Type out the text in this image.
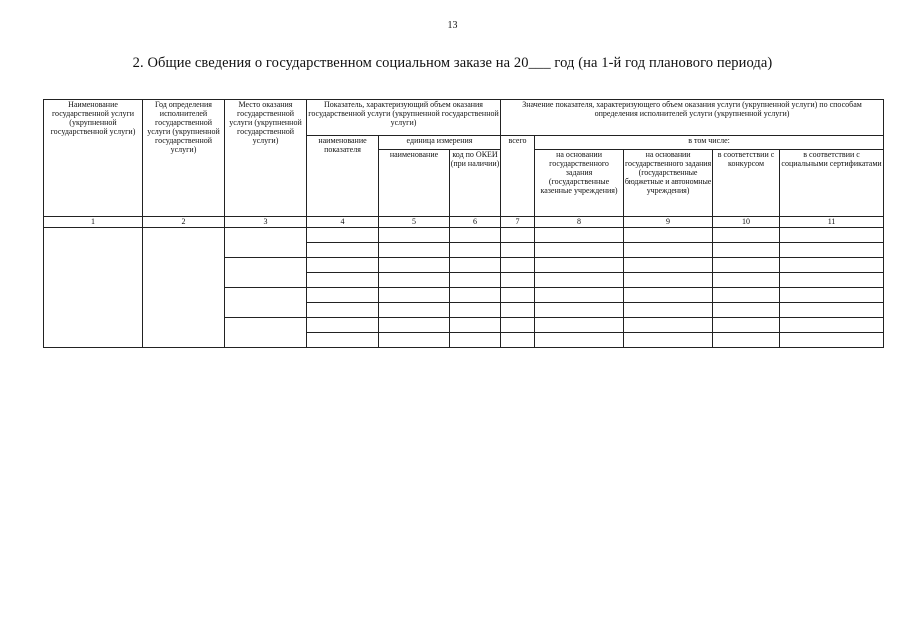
13
2. Общие сведения о государственном социальном заказе на 20___ год (на 1-й год планового периода)
Наименование государственной услуги (укрупненной государственной услуги)	Год определения исполнителей государственной услуги (укрупненной государственной услуги)	Место оказания государственной услуги (укрупненной государственной услуги)	Показатель, характеризующий объем оказания государственной услуги (укрупненной государственной услуги)			Значение показателя, характеризующего объем оказания услуги (укрупненной услуги) по способам определения исполнителей услуги (укрупненной услуги)				
			наименование показателя	единица измерения		всего	в том числе:			
				наименование	код по ОКЕИ (при наличии)		на основании государственного задания (государственные казенные учреждения)	на основании государственного задания (государственные бюджетные и автономные учреждения)	в соответствии с конкурсом	в соответствии с социальными сертификатами

1	2	3	4	5	6	7	8	9	10	11
